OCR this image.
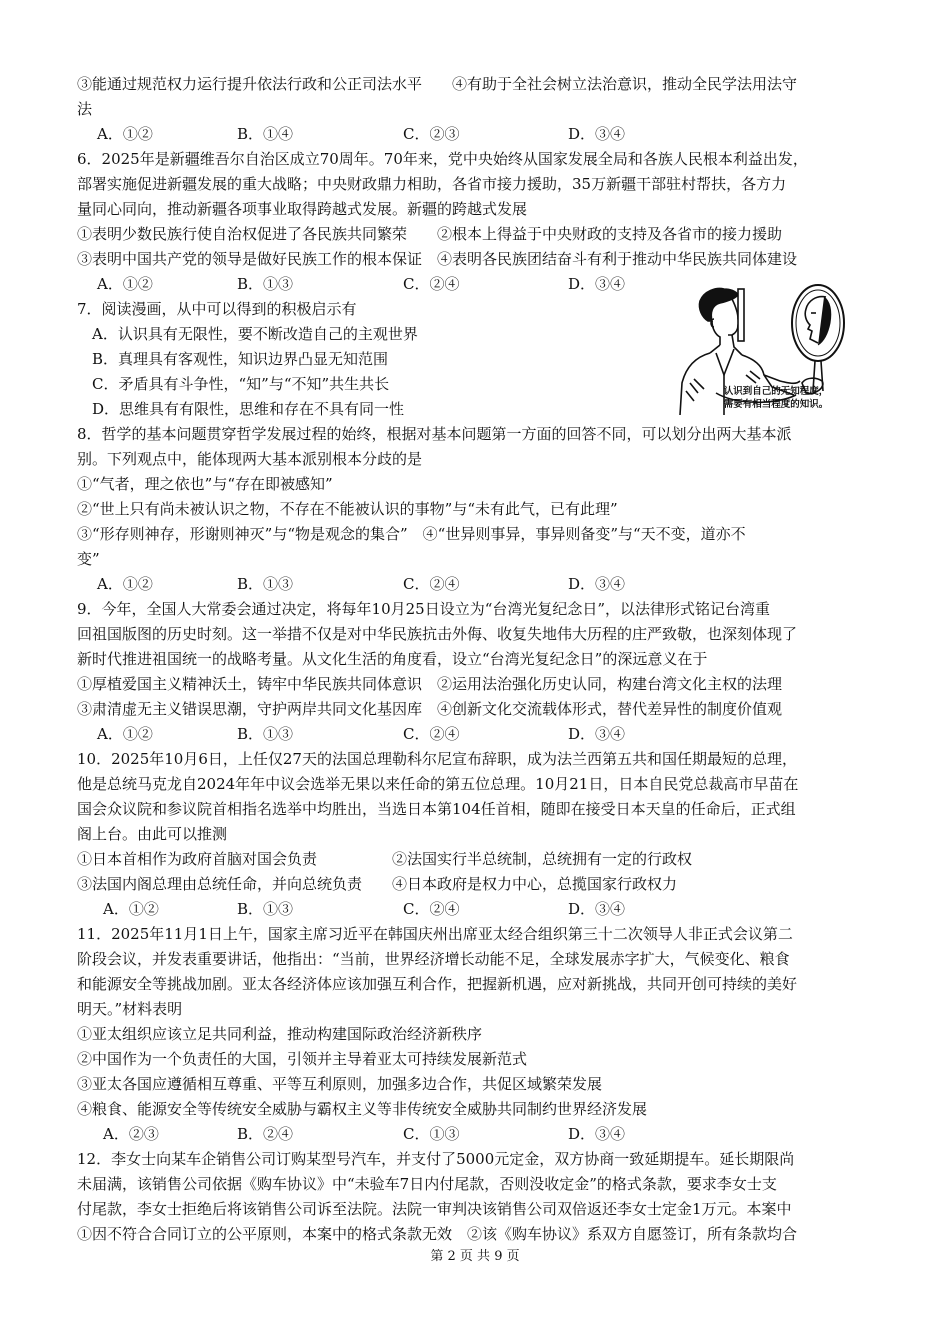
③能通过规范权力运行提升依法行政和公正司法水平　　④有助于全社会树立法治意识，推动全民学法用法守
法
6．2025年是新疆维吾尔自治区成立70周年。70年来，党中央始终从国家发展全局和各族人民根本利益出发，
部署实施促进新疆发展的重大战略；中央财政鼎力相助，各省市接力援助，35万新疆干部驻村帮扶，各方力
量同心同向，推动新疆各项事业取得跨越式发展。新疆的跨越式发展
①表明少数民族行使自治权促进了各民族共同繁荣　　②根本上得益于中央财政的支持及各省市的接力援助
③表明中国共产党的领导是做好民族工作的根本保证　④表明各民族团结奋斗有利于推动中华民族共同体建设
7．阅读漫画，从中可以得到的积极启示有
　A．认识具有无限性，要不断改造自己的主观世界
　B．真理具有客观性，知识边界凸显无知范围
　C．矛盾具有斗争性，“知”与“不知”共生共长
　D．思维具有有限性，思维和存在不具有同一性
8．哲学的基本问题贯穿哲学发展过程的始终，根据对基本问题第一方面的回答不同，可以划分出两大基本派
别。下列观点中，能体现两大基本派别根本分歧的是
①“气者，理之依也”与“存在即被感知”
②“世上只有尚未被认识之物，不存在不能被认识的事物”与“未有此气，已有此理”
③“形存则神存，形谢则神灭”与“物是观念的集合”　④“世异则事异，事异则备变”与“天不变，道亦不
变”
9．今年，全国人大常委会通过决定，将每年10月25日设立为“台湾光复纪念日”，以法律形式铭记台湾重
回祖国版图的历史时刻。这一举措不仅是对中华民族抗击外侮、收复失地伟大历程的庄严致敬，也深刻体现了
新时代推进祖国统一的战略考量。从文化生活的角度看，设立“台湾光复纪念日”的深远意义在于
①厚植爱国主义精神沃土，铸牢中华民族共同体意识　②运用法治强化历史认同，构建台湾文化主权的法理
③肃清虚无主义错误思潮，守护两岸共同文化基因库　④创新文化交流载体形式，替代差异性的制度价值观
10．2025年10月6日，上任仅27天的法国总理勒科尔尼宣布辞职，成为法兰西第五共和国任期最短的总理，
他是总统马克龙自2024年年中议会选举无果以来任命的第五位总理。10月21日，日本自民党总裁高市早苗在
国会众议院和参议院首相指名选举中均胜出，当选日本第104任首相，随即在接受日本天皇的任命后，正式组
阁上台。由此可以推测
①日本首相作为政府首脑对国会负责　　　　　②法国实行半总统制，总统拥有一定的行政权
③法国内阁总理由总统任命，并向总统负责　　④日本政府是权力中心，总揽国家行政权力
11．2025年11月1日上午，国家主席习近平在韩国庆州出席亚太经合组织第三十二次领导人非正式会议第二
阶段会议，并发表重要讲话，他指出：“当前，世界经济增长动能不足，全球发展赤字扩大，气候变化、粮食
和能源安全等挑战加剧。亚太各经济体应该加强互利合作，把握新机遇，应对新挑战，共同开创可持续的美好
明天。”材料表明
①亚太组织应该立足共同利益，推动构建国际政治经济新秩序
②中国作为一个负责任的大国，引领并主导着亚太可持续发展新范式
③亚太各国应遵循相互尊重、平等互利原则，加强多边合作，共促区域繁荣发展
④粮食、能源安全等传统安全威胁与霸权主义等非传统安全威胁共同制约世界经济发展
12．李女士向某车企销售公司订购某型号汽车，并支付了5000元定金，双方协商一致延期提车。延长期限尚
未届满，该销售公司依据《购车协议》中“未验车7日内付尾款，否则没收定金”的格式条款，要求李女士支
付尾款，李女士拒绝后将该销售公司诉至法院。法院一审判决该销售公司双倍返还李女士定金1万元。本案中
①因不符合合同订立的公平原则，本案中的格式条款无效　②该《购车协议》系双方自愿签订，所有条款均合
A．①②	B．①④	C．②③	D．③④
A．①②	B．①③	C．②④	D．③④
A．①②	B．①③	C．②④	D．③④
A．①②	B．①③	C．②④	D．③④
A．①②	B．①③	C．②④	D．③④
A．②③	B．②④	C．①③	D．③④
认识到自己的无知程度，
需要有相当程度的知识。
第 2 页 共 9 页
